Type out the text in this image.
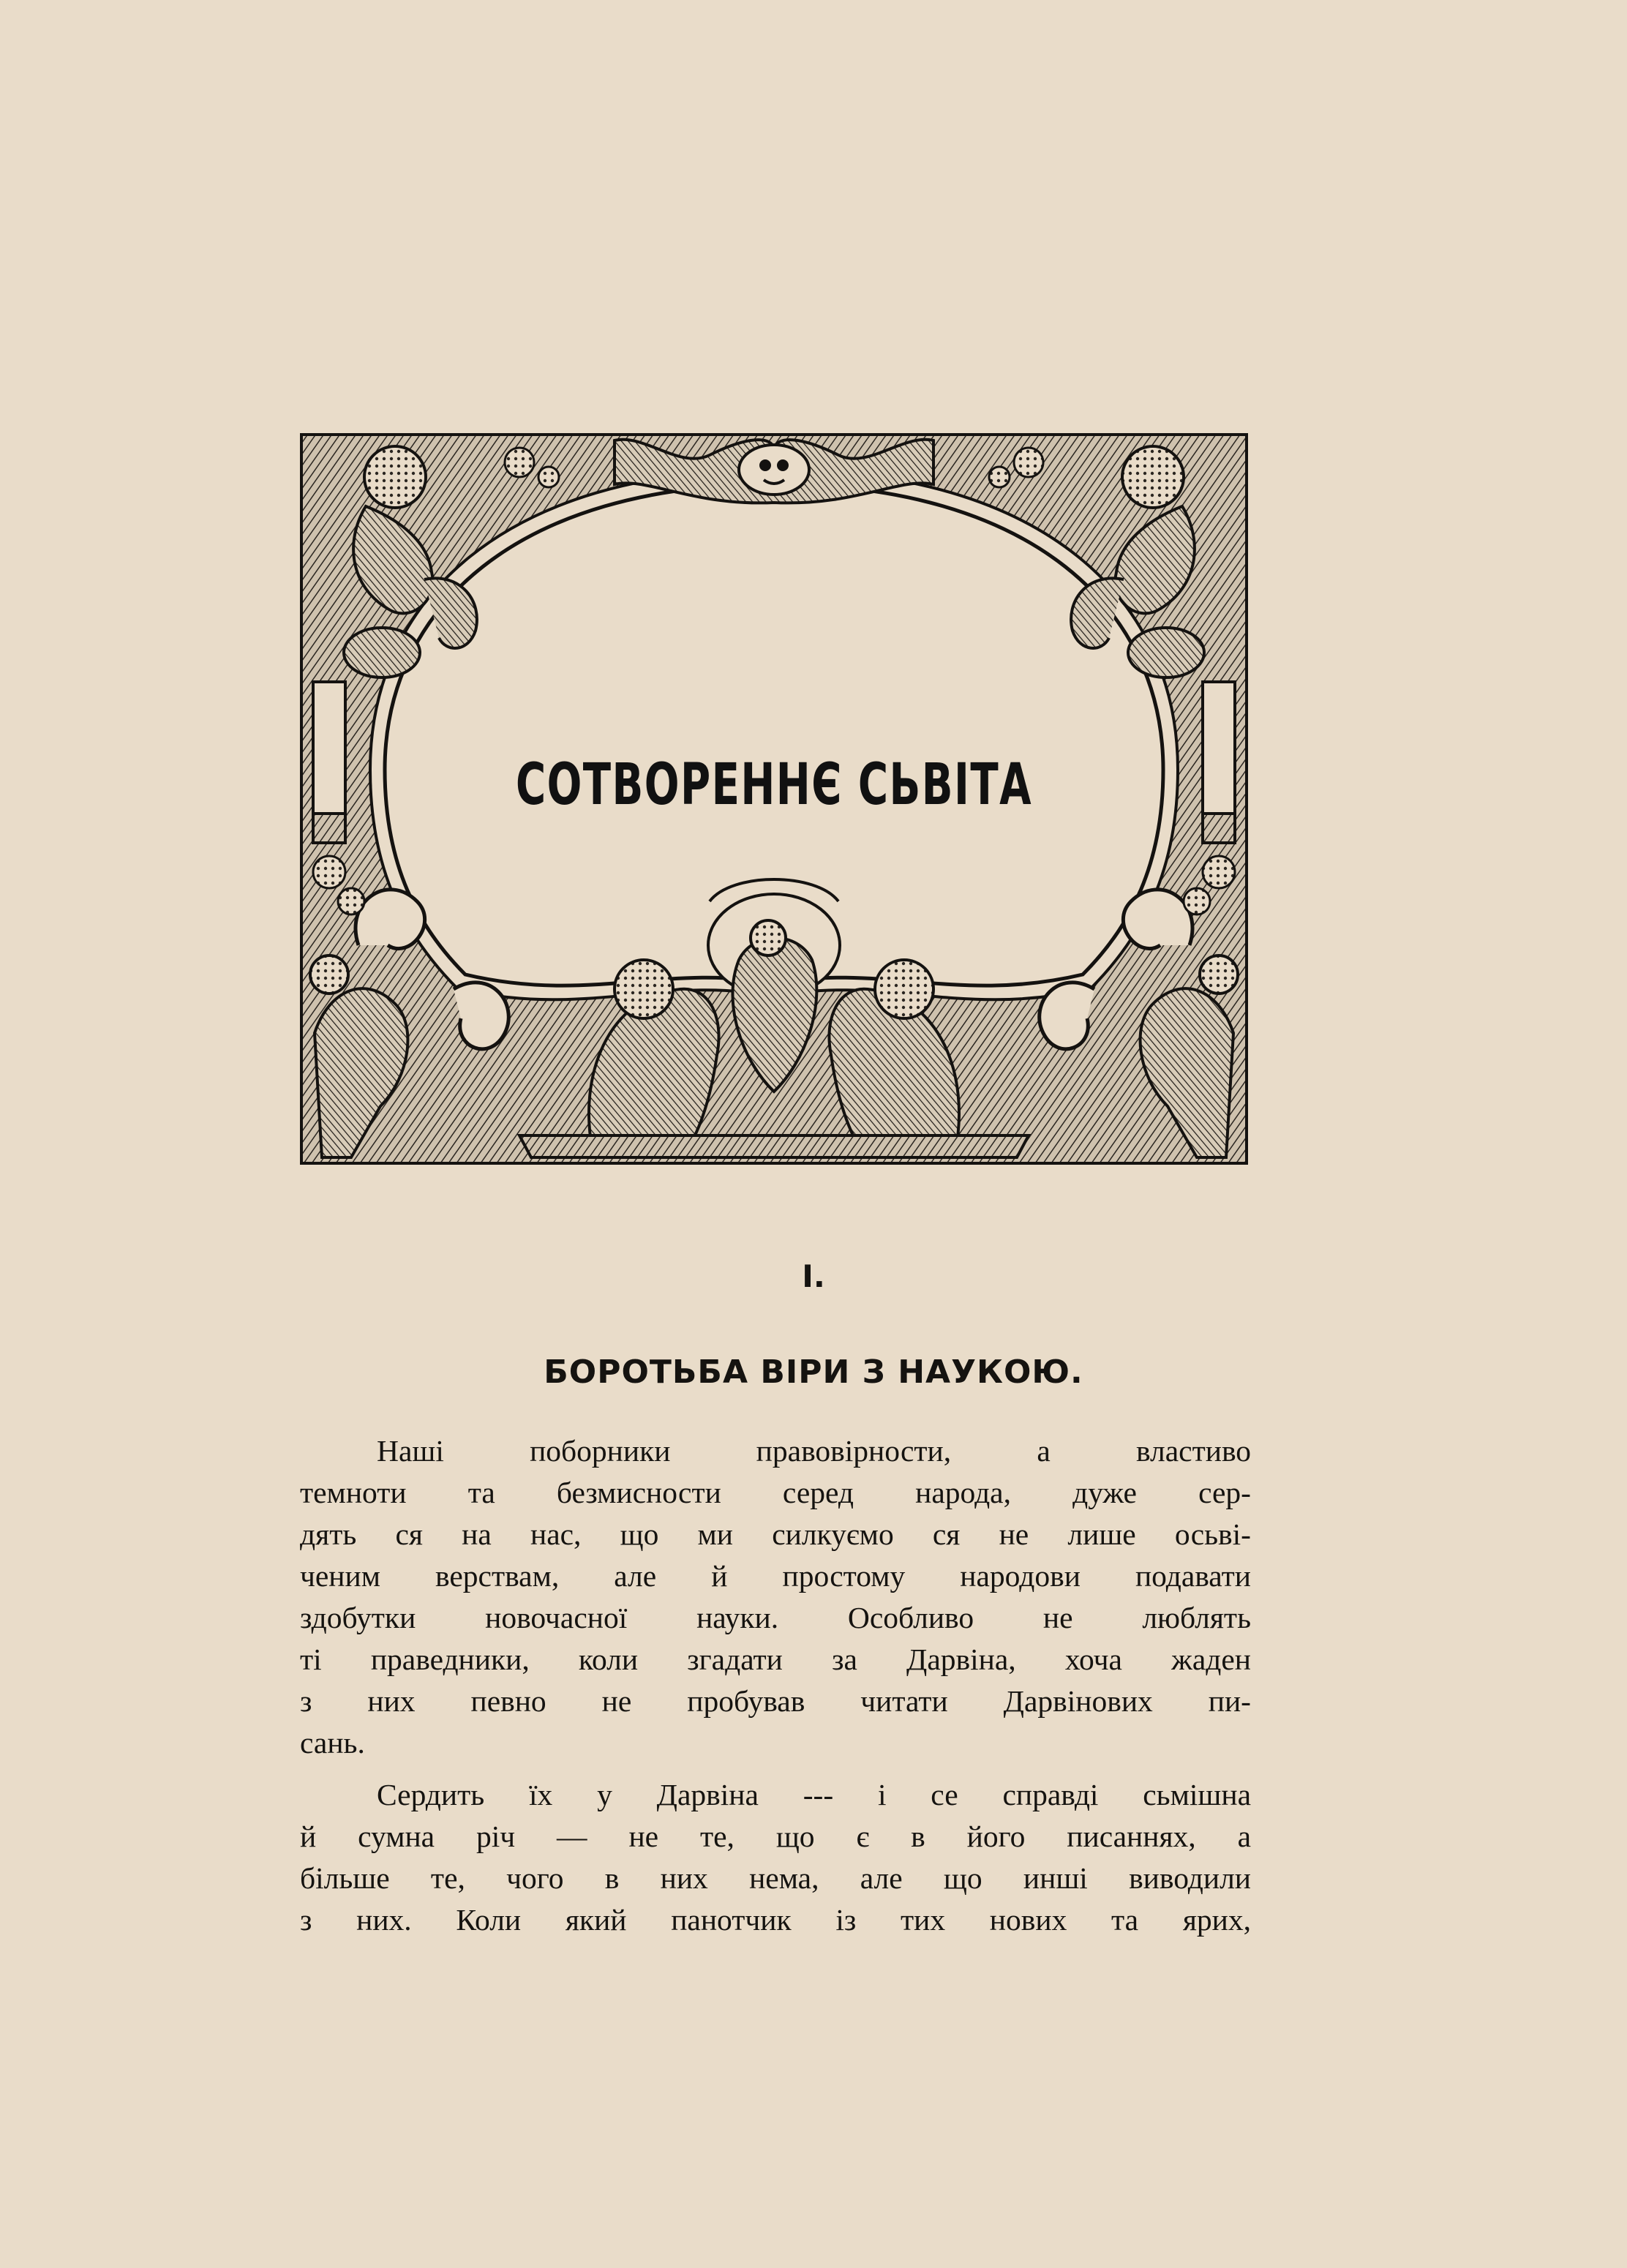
СОТВОРЕННЄ СЬВІТА
I.
БОРОТЬБА ВІРИ З НАУКОЮ.

Наші поборники правовірности, а властиво
темноти та безмисности серед народа, дуже сер-
дять ся на нас, що ми силкуємо ся не лише осьві-
ченим верствам, але й простому народови подавати
здобутки новочасної науки. Особливо не люблять
ті праведники, коли згадати за Дарвіна, хоча жаден
з них певно не пробував читати Дарвінових пи-
сань.

Сердить їх у Дарвіна --- і се справді сьмішна
й сумна річ — не те, що є в його писаннях, а
більше те, чого в них нема, але що инші виводили
з них. Коли який панотчик із тих нових та ярих,
